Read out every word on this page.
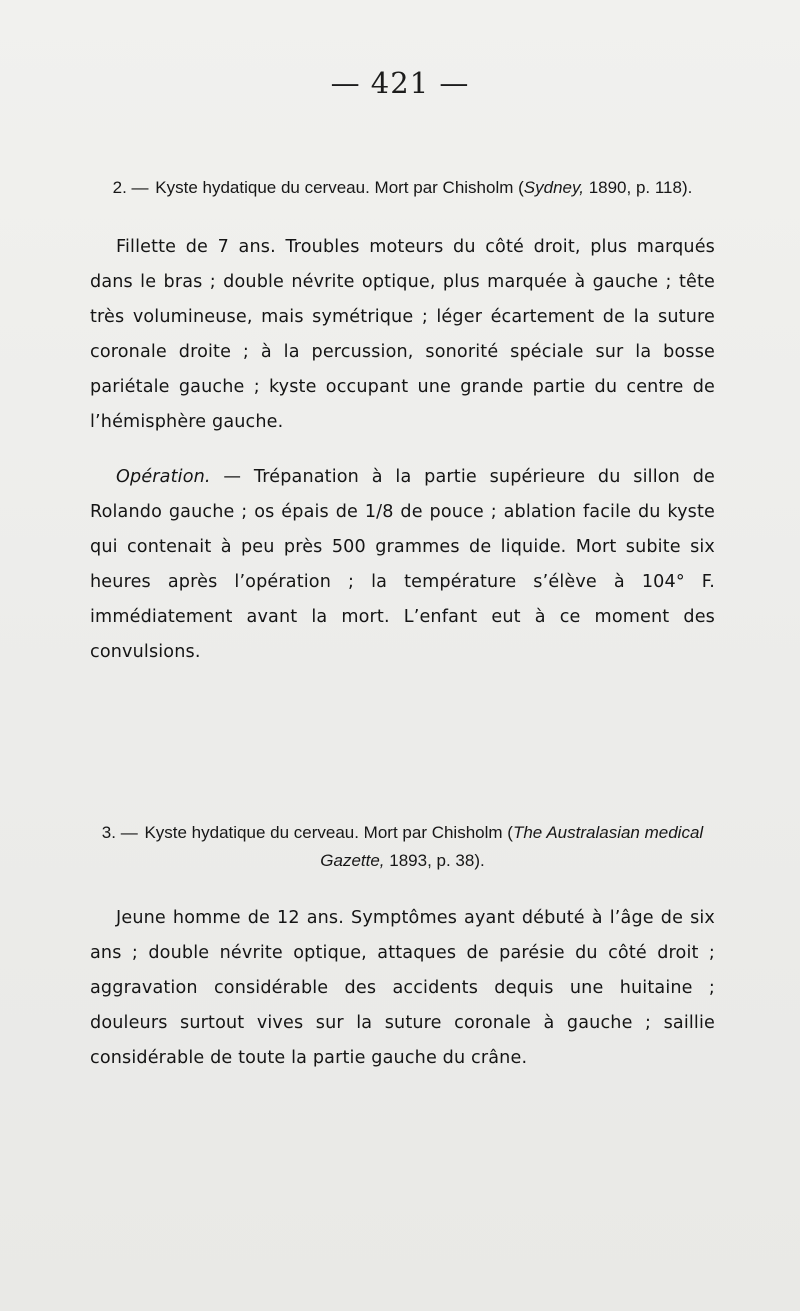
— 421 —
2. — Kyste hydatique du cerveau. Mort par Chisholm (Sydney, 1890, p. 118).

Fillette de 7 ans. Troubles moteurs du côté droit, plus marqués dans le bras ; double névrite optique, plus marquée à gauche ; tête très volumineuse, mais symétrique ; léger écartement de la suture coronale droite ; à la percussion, sonorité spéciale sur la bosse pariétale gauche ; kyste occupant une grande partie du centre de l’hémisphère gauche.

Opération. — Trépanation à la partie supérieure du sillon de Rolando gauche ; os épais de 1/8 de pouce ; ablation facile du kyste qui contenait à peu près 500 grammes de liquide. Mort subite six heures après l’opération ; la température s’élève à 104° F. immédiatement avant la mort. L’enfant eut à ce moment des convulsions.

3. — Kyste hydatique du cerveau. Mort par Chisholm (The Australasian medical Gazette, 1893, p. 38).

Jeune homme de 12 ans. Symptômes ayant débuté à l’âge de six ans ; double névrite optique, attaques de parésie du côté droit ; aggravation considérable des accidents dequis une huitaine ; douleurs surtout vives sur la suture coronale à gauche ; saillie considérable de toute la partie gauche du crâne.
